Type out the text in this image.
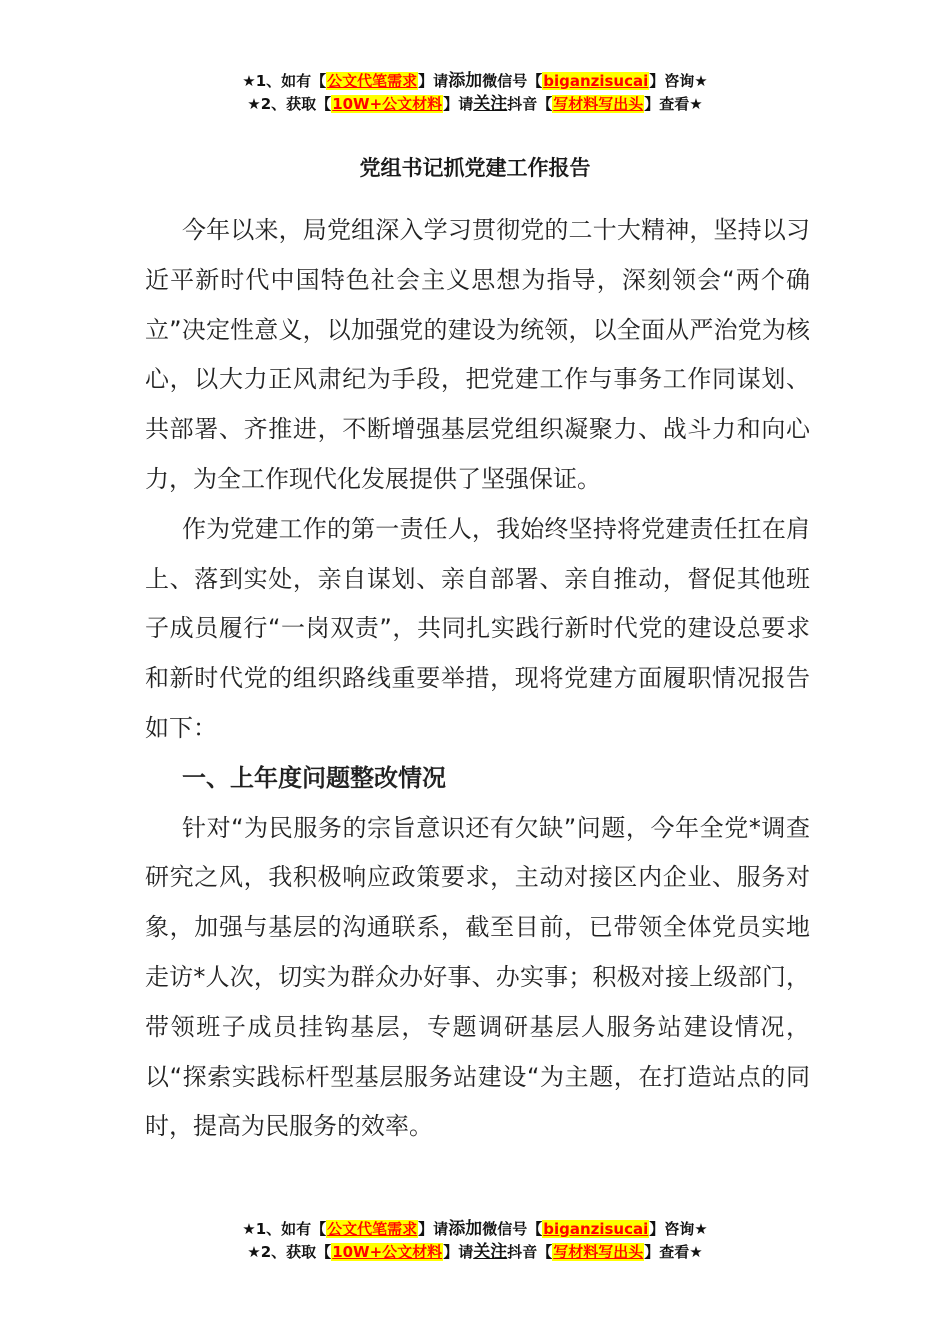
★1、如有【公文代笔需求】请添加微信号【biganzisucai】咨询★
★2、获取【10W+公文材料】请关注抖音【写材料写出头】查看★
党组书记抓党建工作报告

今年以来，局党组深入学习贯彻党的二十大精神，坚持以习近平新时代中国特色社会主义思想为指导，深刻领会“两个确立”决定性意义，以加强党的建设为统领，以全面从严治党为核心，以大力正风肃纪为手段，把党建工作与事务工作同谋划、共部署、齐推进，不断增强基层党组织凝聚力、战斗力和向心力，为全工作现代化发展提供了坚强保证。

作为党建工作的第一责任人，我始终坚持将党建责任扛在肩上、落到实处，亲自谋划、亲自部署、亲自推动，督促其他班子成员履行“一岗双责”，共同扎实践行新时代党的建设总要求和新时代党的组织路线重要举措，现将党建方面履职情况报告如下：

一、上年度问题整改情况

针对“为民服务的宗旨意识还有欠缺”问题，今年全党*调查研究之风，我积极响应政策要求，主动对接区内企业、服务对象，加强与基层的沟通联系，截至目前，已带领全体党员实地走访*人次，切实为群众办好事、办实事；积极对接上级部门，带领班子成员挂钩基层，专题调研基层人服务站建设情况，以“探索实践标杆型基层服务站建设“为主题，在打造站点的同时，提高为民服务的效率。

★1、如有【公文代笔需求】请添加微信号【biganzisucai】咨询★
★2、获取【10W+公文材料】请关注抖音【写材料写出头】查看★
